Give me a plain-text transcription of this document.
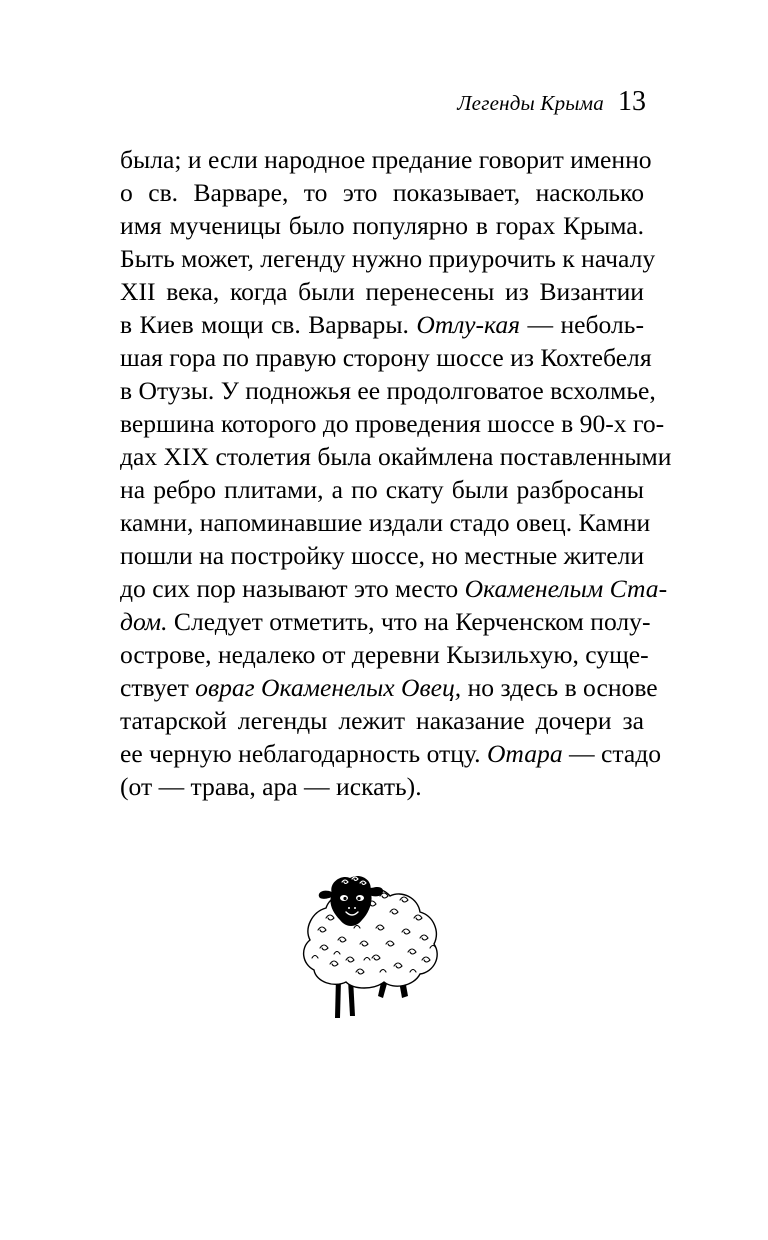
Легенды Крыма 13
была; и если народное предание говорит именно
о св. Варваре, то это показывает, насколько
имя мученицы было популярно в горах Крыма.
Быть может, легенду нужно приурочить к началу
XII века, когда были перенесены из Византии
в Киев мощи св. Варвары. Отлу-кая — неболь-
шая гора по правую сторону шоссе из Кохтебеля
в Отузы. У подножья ее продолговатое всхолмье,
вершина которого до проведения шоссе в 90-х го-
дах XIX столетия была окаймлена поставленными
на ребро плитами, а по скату были разбросаны
камни, напоминавшие издали стадо овец. Камни
пошли на постройку шоссе, но местные жители
до сих пор называют это место Окаменелым Ста-
дом. Следует отметить, что на Керченском полу-
острове, недалеко от деревни Кызильхую, суще-
ствует овраг Окаменелых Овец, но здесь в основе
татарской легенды лежит наказание дочери за
ее черную неблагодарность отцу. Отара — стадо
(от — трава, ара — искать).
